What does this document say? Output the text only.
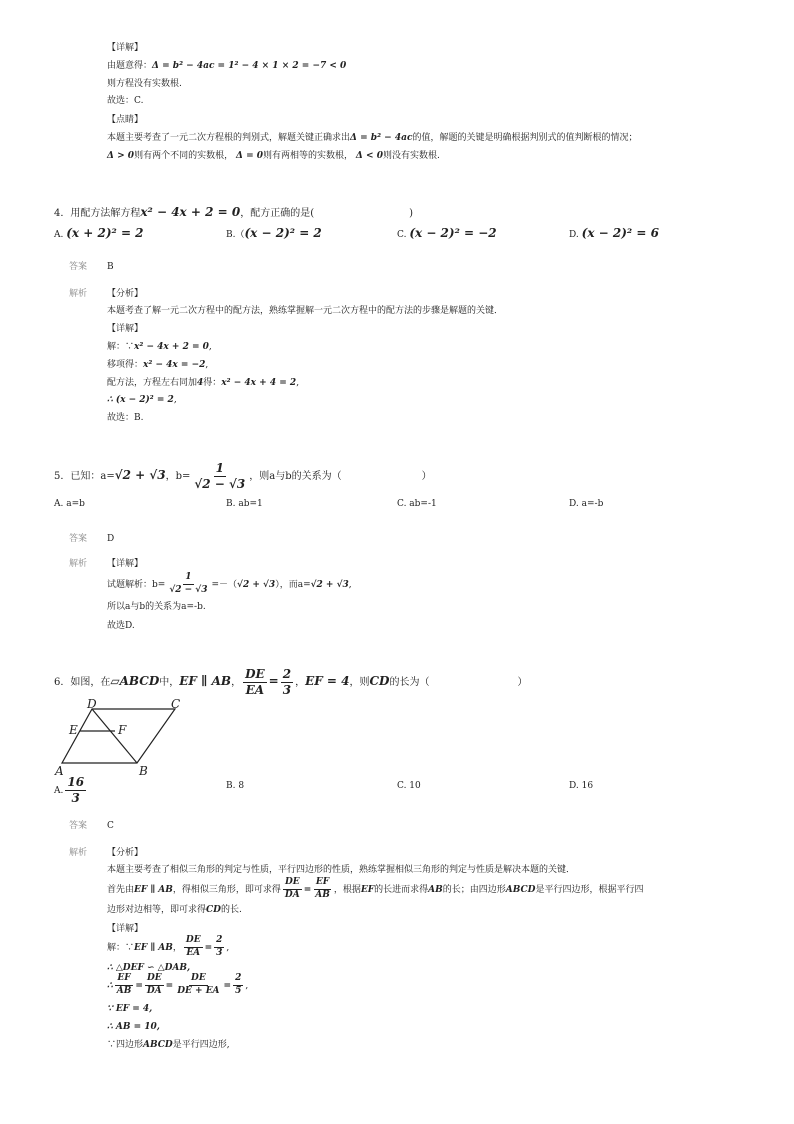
【详解】
由题意得：Δ = b² − 4ac = 1² − 4 × 1 × 2 = −7 < 0
则方程没有实数根.
故选：C.
【点睛】
本题主要考查了一元二次方程根的判别式，解题关键正确求出Δ = b² − 4ac的值，解题的关键是明确根据判别式的值判断根的情况；
Δ > 0则有两个不同的实数根， Δ = 0则有两相等的实数根， Δ < 0则没有实数根.
4．用配方法解方程x² − 4x + 2 = 0，配方正确的是(	)
A. (x + 2)² = 2	B.（(x − 2)² = 2	C. (x − 2)² = −2	D. (x − 2)² = 6
答案 B
解析 【分析】
本题考查了解一元二次方程中的配方法，熟练掌握解一元二次方程中的配方法的步骤是解题的关键．
【详解】
解：∵x² − 4x + 2 = 0,
移项得：x² − 4x = −2,
配方法，方程左右同加4得：x² − 4x + 4 = 2,
∴ (x − 2)² = 2,
故选：B.
5．已知：a=√2 + √3，$b= \frac{1}{√2 - √3}$ ，则a与b的关系为（	）
A. a=b	B. ab=1	C. ab=-1	D. a=-b
答案 D
解析 【详解】
试题解析：$b= \frac{1}{√2 - √3} =-(√2 + √3)$，而a=√2 + √3,
所以a与b的关系为a=-b.
故选D.
6．如图，在▱ABCD中，EF ∥ AB， $\frac{DE}{EA} = \frac{2}{3}$ ，EF = 4，则CD的长为（	）
D	C
E	F
A	B
A. $\frac{16}{3}$	B. 8	C. 10	D. 16
答案 C
解析 【分析】
本题主要考查了相似三角形的判定与性质，平行四边形的性质，熟练掌握相似三角形的判定与性质是解决本题的关键．
首先由EF ∥ AB，得相似三角形，即可求得 $\frac{DE}{DA} = \frac{EF}{AB}$ ，根据EF的长进而求得AB的长；由四边形ABCD是平行四边形，根据平行四
边形对边相等，即可求得CD的长.
【详解】
解：∵EF ∥ AB， $\frac{DE}{EA} = \frac{2}{3}$ ,
∴ △DEF ∽ △DAB,
∴ $\frac{EF}{AB} = \frac{DE}{DA} = \frac{DE}{DE + EA} = \frac{2}{5}$ ,
∵ EF = 4,
∴ AB = 10,
∵四边形ABCD是平行四边形,
